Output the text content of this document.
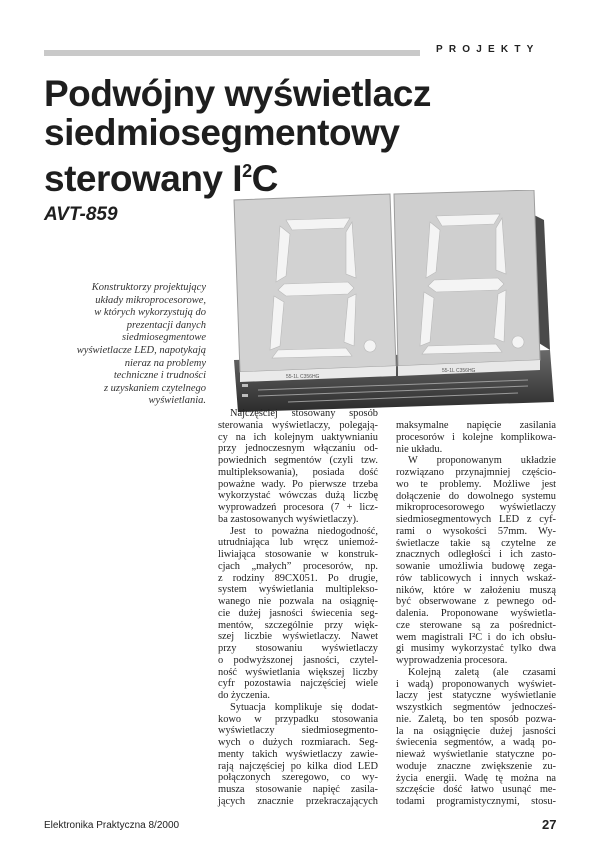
PROJEKTY
Podwójny wyświetlacz
siedmiosegmentowy
sterowany $I^2C$
AVT-859
Konstruktorzy projektujący
układy mikroprocesorowe,
w których wykorzystują do
prezentacji danych
siedmiosegmentowe
wyświetlacze LED, napotykają
nieraz na problemy
techniczne i trudności
z uzyskaniem czytelnego
wyświetlania.
55-1L C356HG
55-1L C356HG

Najczęściej stosowany sposób
sterowania wyświetlaczy, polegają-
cy na ich kolejnym uaktywnianiu
przy jednoczesnym włączaniu od-
powiednich segmentów (czyli tzw.
multipleksowania), posiada dość
poważne wady. Po pierwsze trzeba
wykorzystać wówczas dużą liczbę
wyprowadzeń procesora (7 + licz-
ba zastosowanych wyświetlaczy).

Jest to poważna niedogodność,
utrudniająca lub wręcz uniemoż-
liwiająca stosowanie w konstruk-
cjach „małych” procesorów, np.
z rodziny 89CX051. Po drugie,
system wyświetlania multiplekso-
wanego nie pozwala na osiągnię-
cie dużej jasności świecenia seg-
mentów, szczególnie przy więk-
szej liczbie wyświetlaczy. Nawet
przy stosowaniu wyświetlaczy
o podwyższonej jasności, czytel-
ność wyświetlania większej liczby
cyfr pozostawia najczęściej wiele
do życzenia.

Sytuacja komplikuje się dodat-
kowo w przypadku stosowania
wyświetlaczy siedmiosegmento-
wych o dużych rozmiarach. Seg-
menty takich wyświetlaczy zawie-
rają najczęściej po kilka diod LED
połączonych szeregowo, co wy-
musza stosowanie napięć zasila-
jących znacznie przekraczających

maksymalne napięcie zasilania
procesorów i kolejne komplikowa-
nie układu.

W proponowanym układzie
rozwiązano przynajmniej częścio-
wo te problemy. Możliwe jest
dołączenie do dowolnego systemu
mikroprocesorowego wyświetlaczy
siedmiosegmentowych LED z cyf-
rami o wysokości 57mm. Wy-
świetlacze takie są czytelne ze
znacznych odległości i ich zasto-
sowanie umożliwia budowę zega-
rów tablicowych i innych wskaź-
ników, które w założeniu muszą
być obserwowane z pewnego od-
dalenia. Proponowane wyświetla-
cze sterowane są za pośrednict-
wem magistrali I²C i do ich obsłu-
gi musimy wykorzystać tylko dwa
wyprowadzenia procesora.

Kolejną zaletą (ale czasami
i wadą) proponowanych wyświet-
laczy jest statyczne wyświetlanie
wszystkich segmentów jednocześ-
nie. Zaletą, bo ten sposób pozwa-
la na osiągnięcie dużej jasności
świecenia segmentów, a wadą po-
nieważ wyświetlanie statyczne po-
woduje znaczne zwiększenie zu-
życia energii. Wadę tę można na
szczęście dość łatwo usunąć me-
todami programistycznymi, stosu-

Elektronika Praktyczna 8/2000	27
